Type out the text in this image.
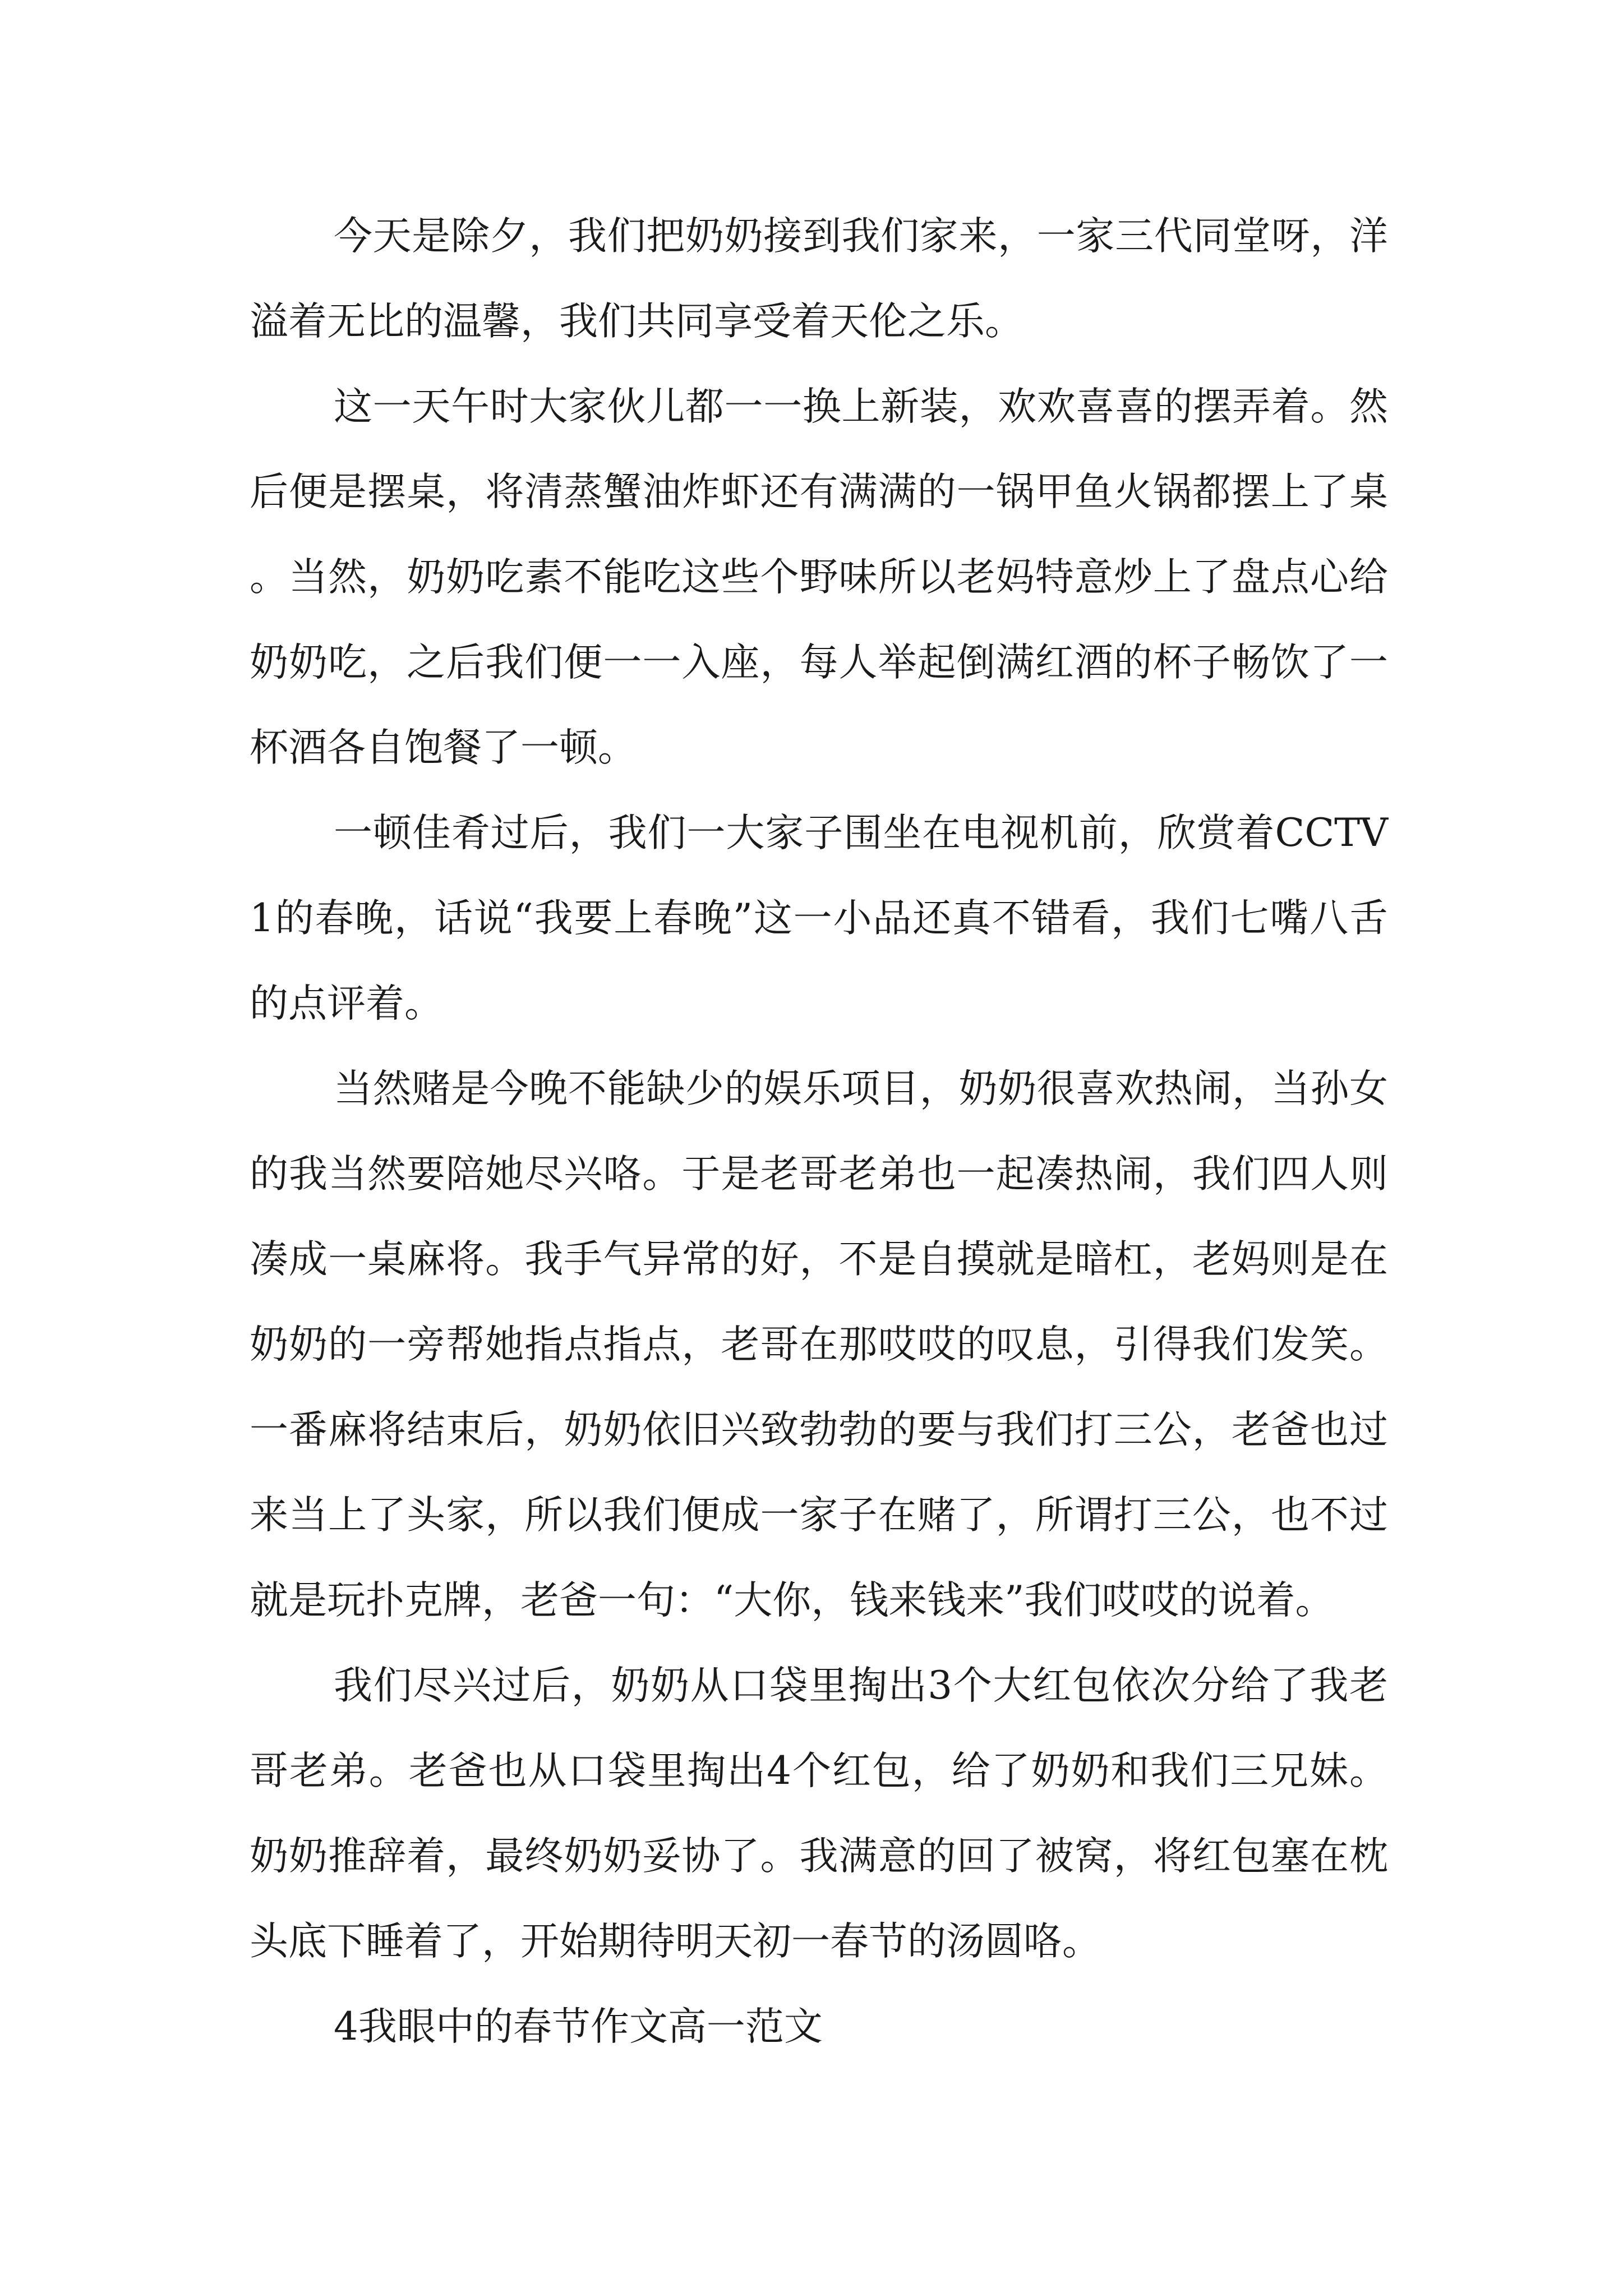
今天是除夕，我们把奶奶接到我们家来，一家三代同堂呀，洋溢着无比的温馨，我们共同享受着天伦之乐。

这一天午时大家伙儿都一一换上新装，欢欢喜喜的摆弄着。然后便是摆桌，将清蒸蟹油炸虾还有满满的一锅甲鱼火锅都摆上了桌。当然，奶奶吃素不能吃这些个野味所以老妈特意炒上了盘点心给奶奶吃，之后我们便一一入座，每人举起倒满红酒的杯子畅饮了一杯酒各自饱餐了一顿。

一顿佳肴过后，我们一大家子围坐在电视机前，欣赏着CCTV1的春晚，话说“我要上春晚”这一小品还真不错看，我们七嘴八舌的点评着。

当然赌是今晚不能缺少的娱乐项目，奶奶很喜欢热闹，当孙女的我当然要陪她尽兴咯。于是老哥老弟也一起凑热闹，我们四人则凑成一桌麻将。我手气异常的好，不是自摸就是暗杠，老妈则是在奶奶的一旁帮她指点指点，老哥在那哎哎的叹息，引得我们发笑。一番麻将结束后，奶奶依旧兴致勃勃的要与我们打三公，老爸也过来当上了头家，所以我们便成一家子在赌了，所谓打三公，也不过就是玩扑克牌，老爸一句：“大你，钱来钱来”我们哎哎的说着。

我们尽兴过后，奶奶从口袋里掏出3个大红包依次分给了我老哥老弟。老爸也从口袋里掏出4个红包，给了奶奶和我们三兄妹。奶奶推辞着，最终奶奶妥协了。我满意的回了被窝，将红包塞在枕头底下睡着了，开始期待明天初一春节的汤圆咯。

4我眼中的春节作文高一范文
